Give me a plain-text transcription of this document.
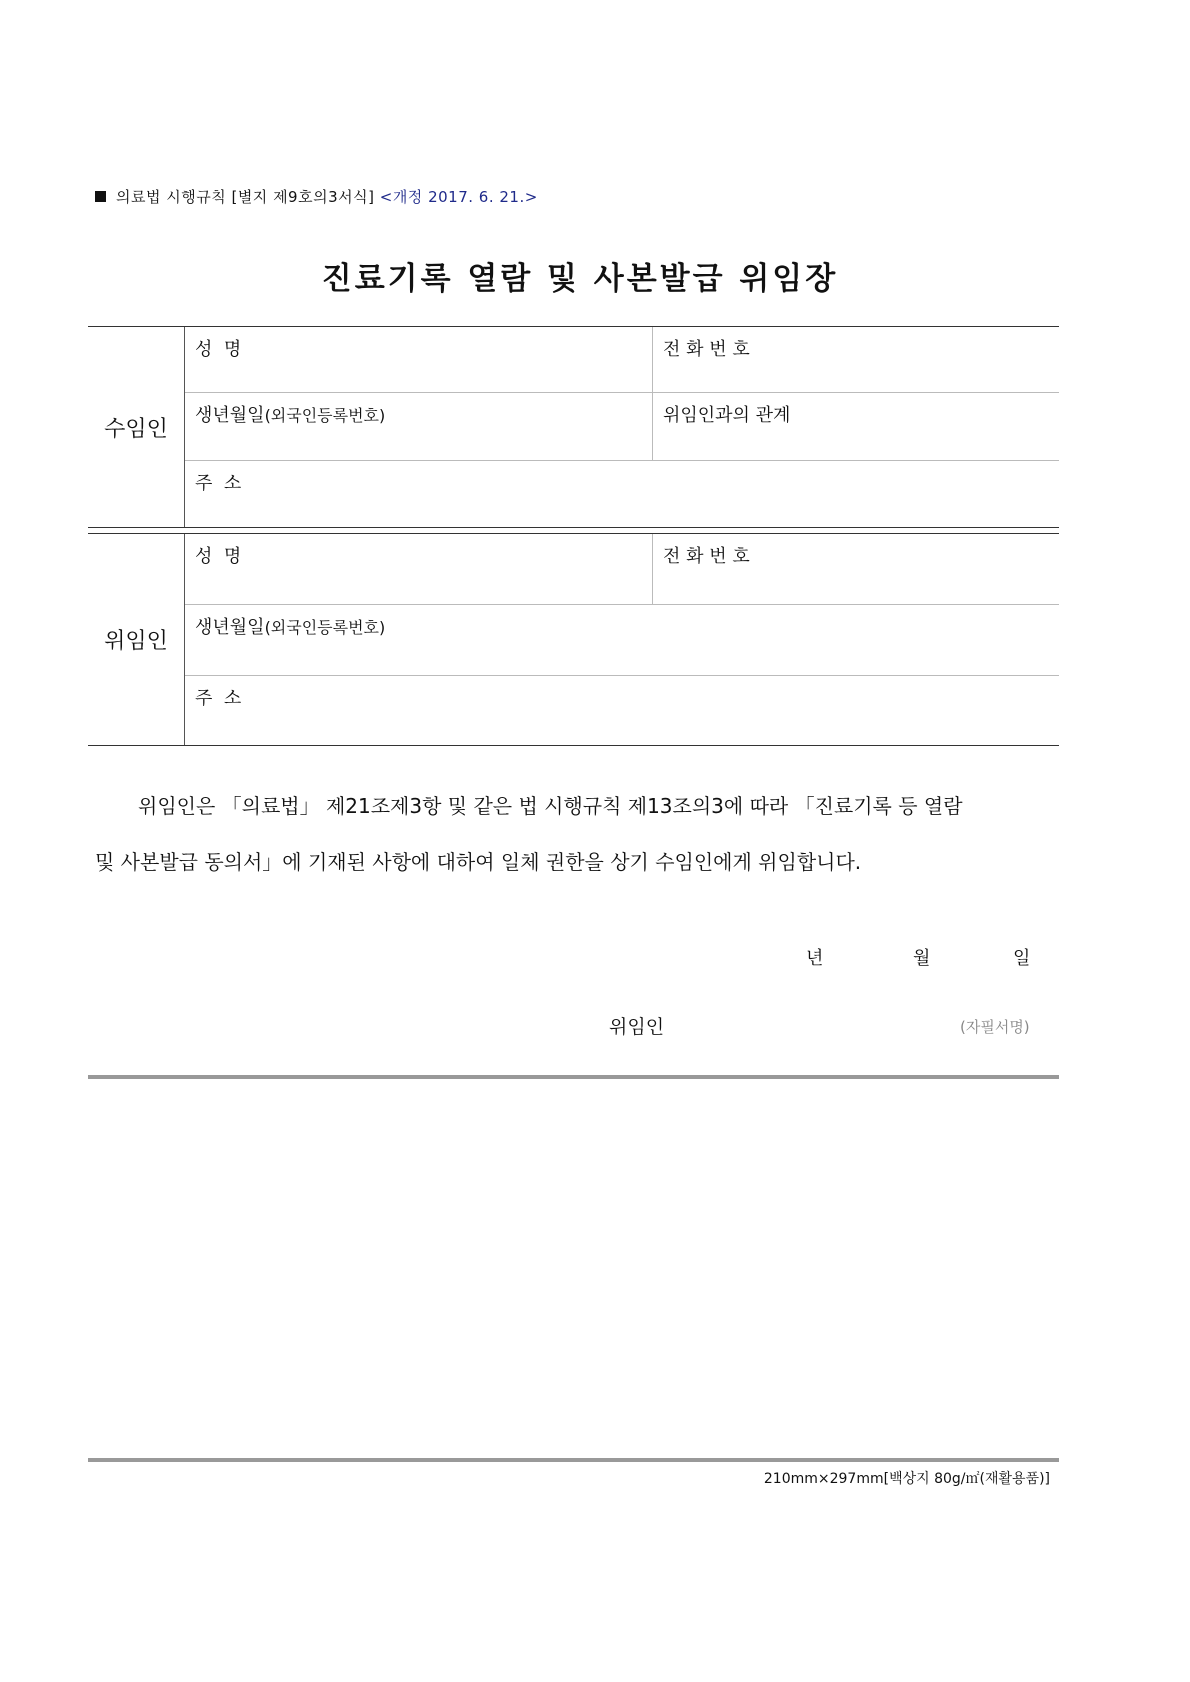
의료법 시행규칙 [별지 제9호의3서식] <개정 2017. 6. 21.>
진료기록 열람 및 사본발급 위임장
수임인
성  명	전 화 번 호
생년월일(외국인등록번호)	위임인과의 관계
주  소
위임인
성  명	전 화 번 호
생년월일(외국인등록번호)
주  소
위임인은 「의료법」 제21조제3항 및 같은 법 시행규칙 제13조의3에 따라 「진료기록 등 열람
및 사본발급 동의서」에 기재된 사항에 대하여 일체 권한을 상기 수임인에게 위임합니다.
년	월	일
위임인	(자필서명)
210mm×297mm[백상지 80g/㎡(재활용품)]
